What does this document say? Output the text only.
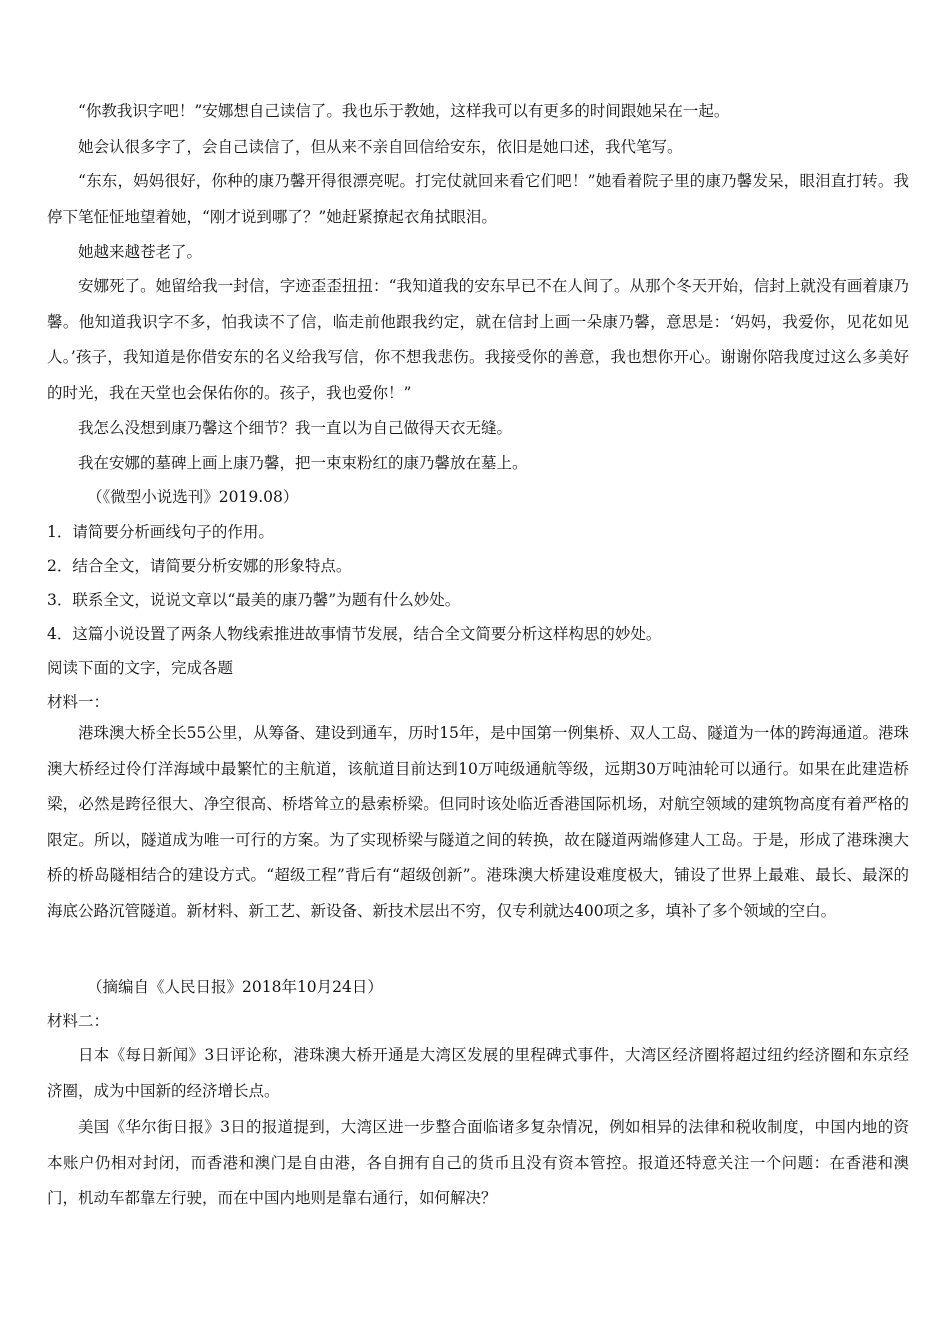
“你教我识字吧！”安娜想自己读信了。我也乐于教她，这样我可以有更多的时间跟她呆在一起。
她会认很多字了，会自己读信了，但从来不亲自回信给安东，依旧是她口述，我代笔写。
“东东，妈妈很好，你种的康乃馨开得很漂亮呢。打完仗就回来看它们吧！”她看着院子里的康乃馨发呆，眼泪直打转。我停下笔怔怔地望着她，“刚才说到哪了？”她赶紧撩起衣角拭眼泪。
她越来越苍老了。
安娜死了。她留给我一封信，字迹歪歪扭扭：“我知道我的安东早已不在人间了。从那个冬天开始，信封上就没有画着康乃馨。他知道我识字不多，怕我读不了信，临走前他跟我约定，就在信封上画一朵康乃馨，意思是：‘妈妈，我爱你，见花如见人。’孩子，我知道是你借安东的名义给我写信，你不想我悲伤。我接受你的善意，我也想你开心。谢谢你陪我度过这么多美好的时光，我在天堂也会保佑你的。孩子，我也爱你！”
我怎么没想到康乃馨这个细节？我一直以为自己做得天衣无缝。
我在安娜的墓碑上画上康乃馨，把一束束粉红的康乃馨放在墓上。
（《微型小说选刊》2019.08）
1．请简要分析画线句子的作用。
2．结合全文，请简要分析安娜的形象特点。
3．联系全文，说说文章以“最美的康乃馨”为题有什么妙处。
4．这篇小说设置了两条人物线索推进故事情节发展，结合全文简要分析这样构思的妙处。
阅读下面的文字，完成各题
材料一：
港珠澳大桥全长55公里，从筹备、建设到通车，历时15年，是中国第一例集桥、双人工岛、隧道为一体的跨海通道。港珠澳大桥经过伶仃洋海域中最繁忙的主航道，该航道目前达到10万吨级通航等级，远期30万吨油轮可以通行。如果在此建造桥梁，必然是跨径很大、净空很高、桥塔耸立的悬索桥梁。但同时该处临近香港国际机场，对航空领域的建筑物高度有着严格的限定。所以，隧道成为唯一可行的方案。为了实现桥梁与隧道之间的转换，故在隧道两端修建人工岛。于是，形成了港珠澳大桥的桥岛隧相结合的建设方式。“超级工程”背后有“超级创新”。港珠澳大桥建设难度极大，铺设了世界上最难、最长、最深的海底公路沉管隧道。新材料、新工艺、新设备、新技术层出不穷，仅专利就达400项之多，填补了多个领域的空白。
（摘编自《人民日报》2018年10月24日）
材料二：
日本《每日新闻》3日评论称，港珠澳大桥开通是大湾区发展的里程碑式事件，大湾区经济圈将超过纽约经济圈和东京经济圈，成为中国新的经济增长点。
美国《华尔街日报》3日的报道提到，大湾区进一步整合面临诸多复杂情况，例如相异的法律和税收制度，中国内地的资本账户仍相对封闭，而香港和澳门是自由港，各自拥有自己的货币且没有资本管控。报道还特意关注一个问题：在香港和澳门，机动车都靠左行驶，而在中国内地则是靠右通行，如何解决？
